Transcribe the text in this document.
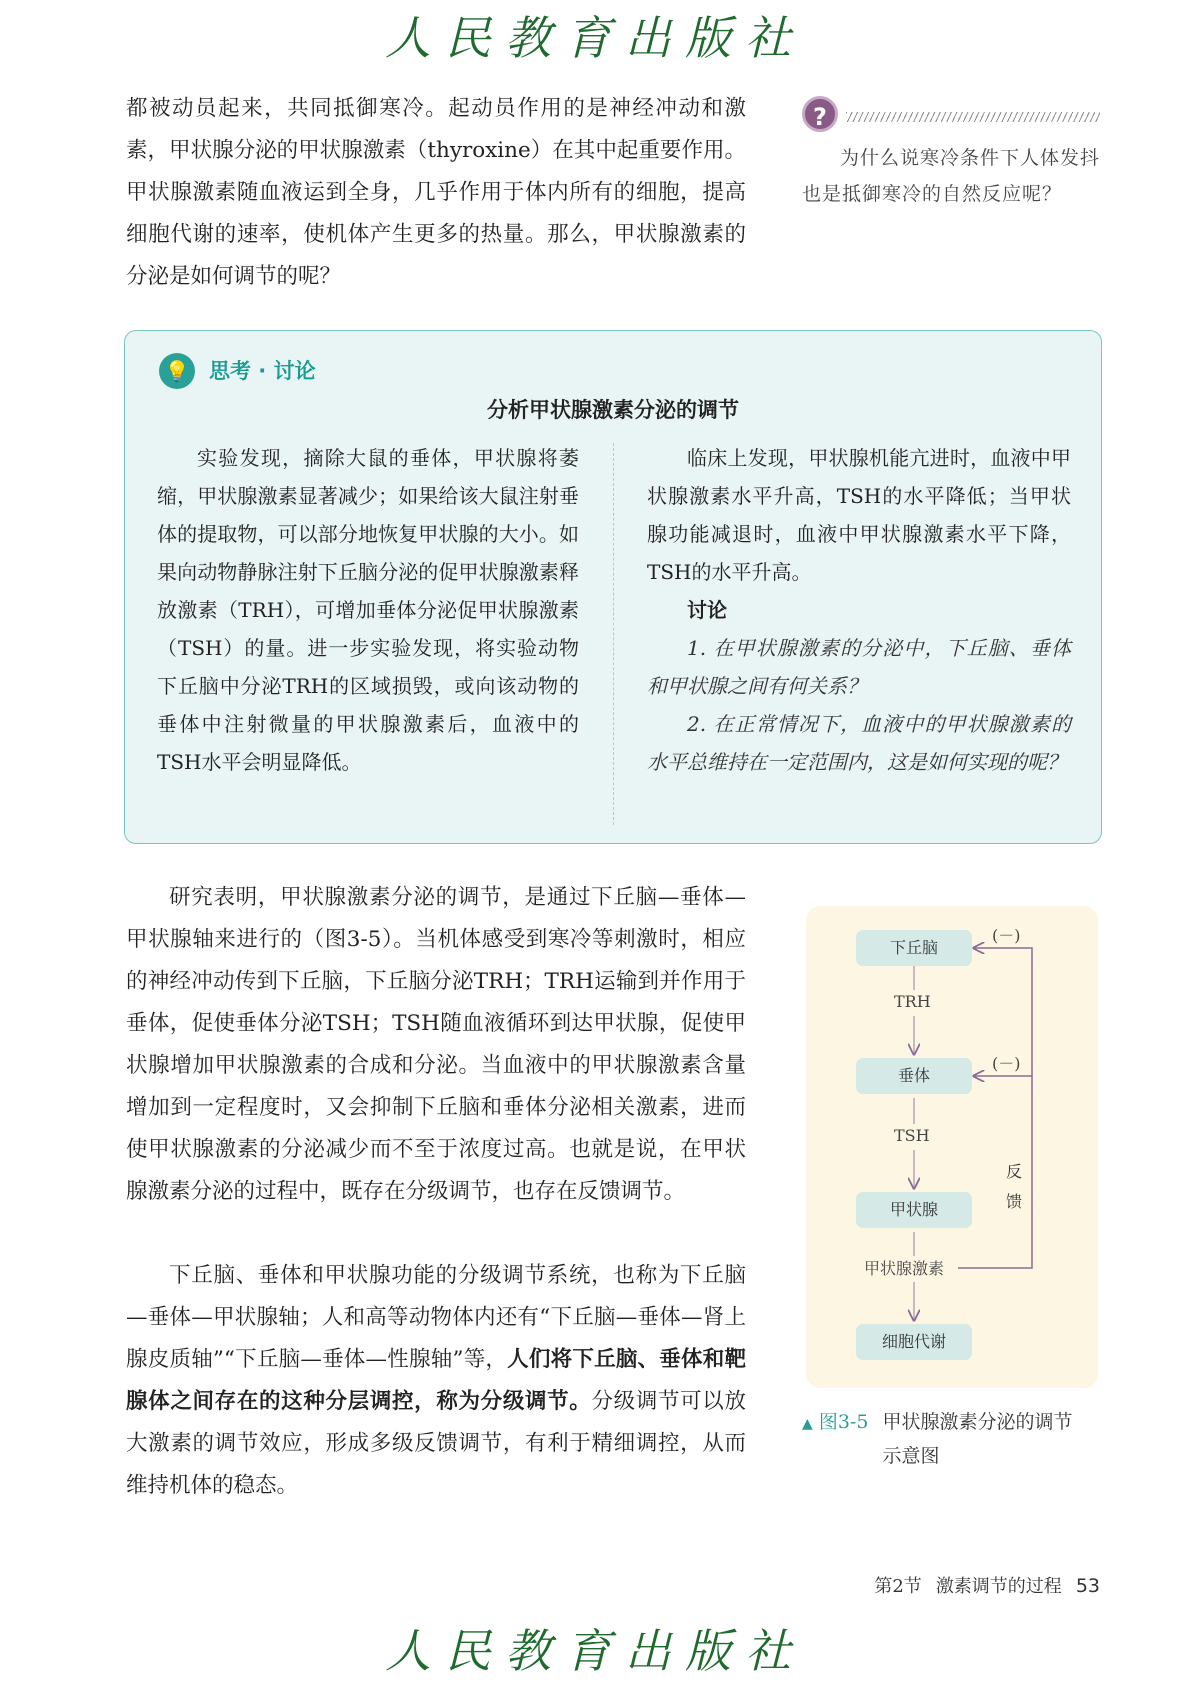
人民教育出版社
都被动员起来，共同抵御寒冷。起动员作用的是神经冲动和激素，甲状腺分泌的甲状腺激素（thyroxine）在其中起重要作用。甲状腺激素随血液运到全身，几乎作用于体内所有的细胞，提高细胞代谢的速率，使机体产生更多的热量。那么，甲状腺激素的分泌是如何调节的呢？
?
为什么说寒冷条件下人体发抖也是抵御寒冷的自然反应呢？
💡 思考 · 讨论
分析甲状腺激素分泌的调节
实验发现，摘除大鼠的垂体，甲状腺将萎缩，甲状腺激素显著减少；如果给该大鼠注射垂体的提取物，可以部分地恢复甲状腺的大小。如果向动物静脉注射下丘脑分泌的促甲状腺激素释放激素（TRH），可增加垂体分泌促甲状腺激素（TSH）的量。进一步实验发现，将实验动物下丘脑中分泌TRH的区域损毁，或向该动物的垂体中注射微量的甲状腺激素后，血液中的TSH水平会明显降低。
临床上发现，甲状腺机能亢进时，血液中甲状腺激素水平升高，TSH的水平降低；当甲状腺功能减退时，血液中甲状腺激素水平下降，TSH的水平升高。
讨论
1. 在甲状腺激素的分泌中，下丘脑、垂体和甲状腺之间有何关系？
2. 在正常情况下，血液中的甲状腺激素的水平总维持在一定范围内，这是如何实现的呢？
研究表明，甲状腺激素分泌的调节，是通过下丘脑—垂体—甲状腺轴来进行的（图3-5）。当机体感受到寒冷等刺激时，相应的神经冲动传到下丘脑，下丘脑分泌TRH；TRH运输到并作用于垂体，促使垂体分泌TSH；TSH随血液循环到达甲状腺，促使甲状腺增加甲状腺激素的合成和分泌。当血液中的甲状腺激素含量增加到一定程度时，又会抑制下丘脑和垂体分泌相关激素，进而使甲状腺激素的分泌减少而不至于浓度过高。也就是说，在甲状腺激素分泌的过程中，既存在分级调节，也存在反馈调节。
下丘脑、垂体和甲状腺功能的分级调节系统，也称为下丘脑—垂体—甲状腺轴；人和高等动物体内还有“下丘脑—垂体—肾上腺皮质轴”“下丘脑—垂体—性腺轴”等，人们将下丘脑、垂体和靶腺体之间存在的这种分层调控，称为分级调节。分级调节可以放大激素的调节效应，形成多级反馈调节，有利于精细调控，从而维持机体的稳态。
下丘脑
TRH
垂体
TSH
甲状腺
甲状腺激素
细胞代谢
(－)
(－)
反
馈
▲ 图3-5 甲状腺激素分泌的调节示意图
第2节 激素调节的过程 53
人民教育出版社
